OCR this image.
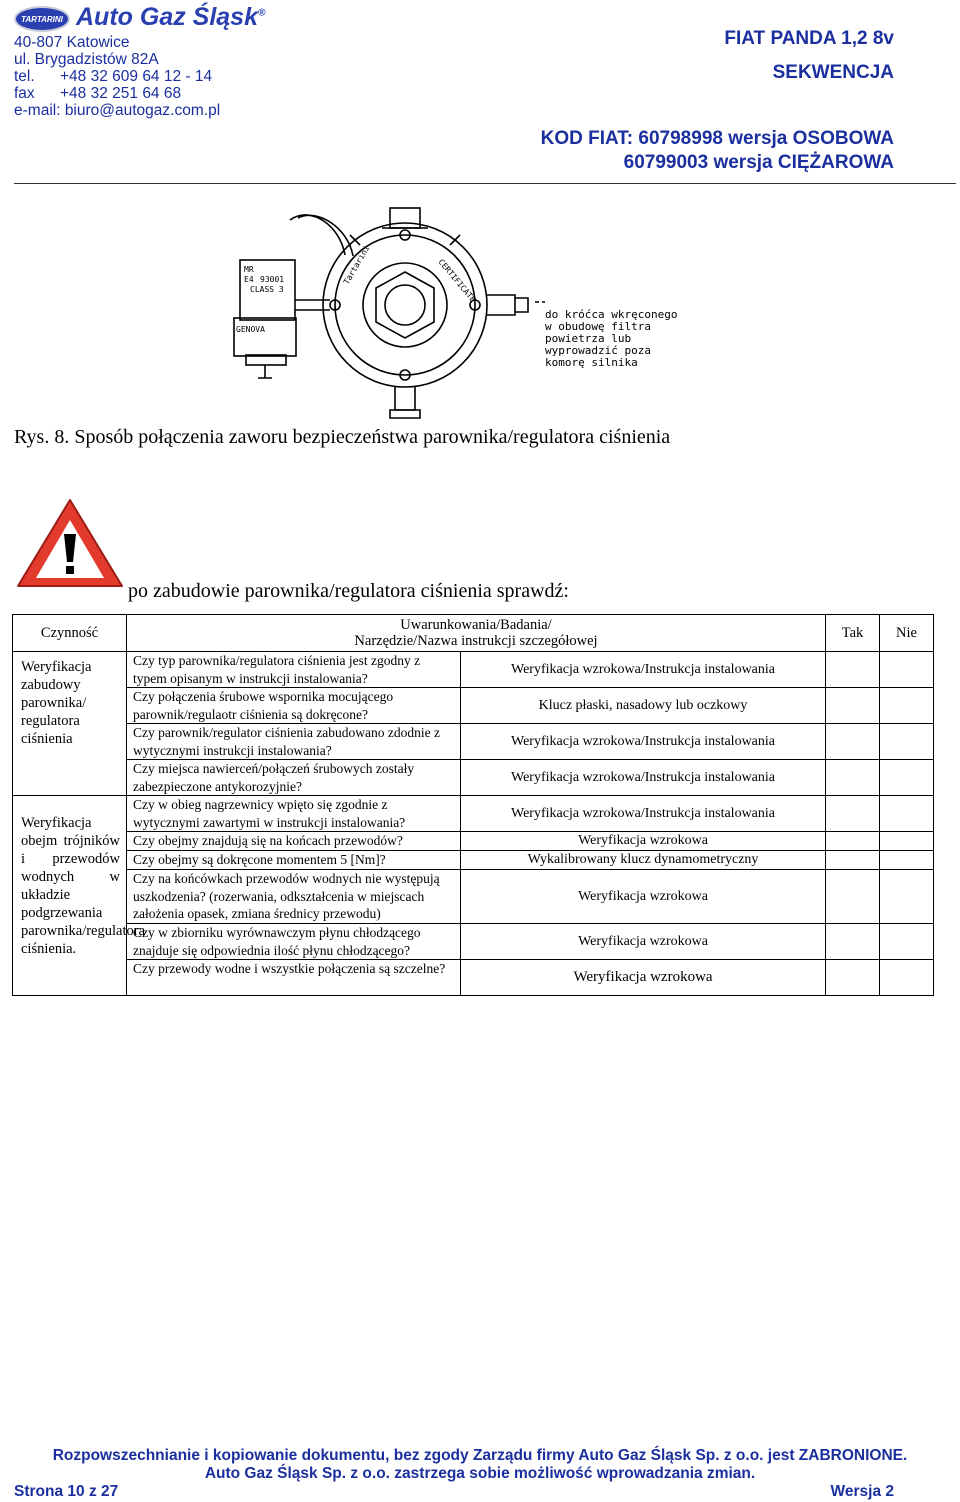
TARTARINI Auto Gaz Śląsk®
40-807 Katowice
ul. Brygadzistów 82A
tel. +48 32 609 64 12 - 14
fax +48 32 251 64 68
e-mail: biuro@autogaz.com.pl
FIAT PANDA 1,2 8v
SEKWENCJA
KOD FIAT: 60798998 wersja OSOBOWA
60799003 wersja CIĘŻAROWA
MR
E4 93001
CLASS 3
GENOVA
Tartarini	CERTIFICATE
do króćca wkręconego
w obudowę filtra
powietrza lub
wyprowadzić poza
komorę silnika
Rys. 8. Sposób połączenia zaworu bezpieczeństwa parownika/regulatora ciśnienia
po zabudowie parownika/regulatora ciśnienia sprawdź:
Czynność	Uwarunkowania/Badania/
Narzędzie/Nazwa instrukcji szczegółowej		Tak	Nie
Weryfikacja zabudowy parownika/ regulatora ciśnienia	Czy typ parownika/regulatora ciśnienia jest zgodny z typem opisanym w instrukcji instalowania?	Weryfikacja wzrokowa/Instrukcja instalowania		
	Czy połączenia śrubowe wspornika mocującego parownik/regulaotr ciśnienia są dokręcone?	Klucz płaski, nasadowy lub oczkowy		
	Czy parownik/regulator ciśnienia zabudowano zdodnie z wytycznymi instrukcji instalowania?	Weryfikacja wzrokowa/Instrukcja instalowania		
	Czy miejsca nawierceń/połączeń śrubowych zostały zabezpieczone antykorozyjnie?	Weryfikacja wzrokowa/Instrukcja instalowania		
Weryfikacja obejm trójników i przewodów wodnych w układzie podgrzewania parownika/regulatora ciśnienia.	Czy w obieg nagrzewnicy wpięto się zgodnie z wytycznymi zawartymi w instrukcji instalowania?	Weryfikacja wzrokowa/Instrukcja instalowania		
	Czy obejmy znajdują się na końcach przewodów?	Weryfikacja wzrokowa		
	Czy obejmy są dokręcone momentem 5 [Nm]?	Wykalibrowany klucz dynamometryczny		
	Czy na końcówkach przewodów wodnych nie występują uszkodzenia? (rozerwania, odkształcenia w miejscach założenia opasek, zmiana średnicy przewodu)	Weryfikacja wzrokowa		
	Czy w zbiorniku wyrównawczym płynu chłodzącego znajduje się odpowiednia ilość płynu chłodzącego?	Weryfikacja wzrokowa		
	Czy przewody wodne i wszystkie połączenia są szczelne?	Weryfikacja wzrokowa		
Rozpowszechnianie i kopiowanie dokumentu, bez zgody Zarządu firmy Auto Gaz Śląsk Sp. z o.o. jest ZABRONIONE.
Auto Gaz Śląsk Sp. z o.o. zastrzega sobie możliwość wprowadzania zmian.
Strona 10 z 27	Wersja 2
